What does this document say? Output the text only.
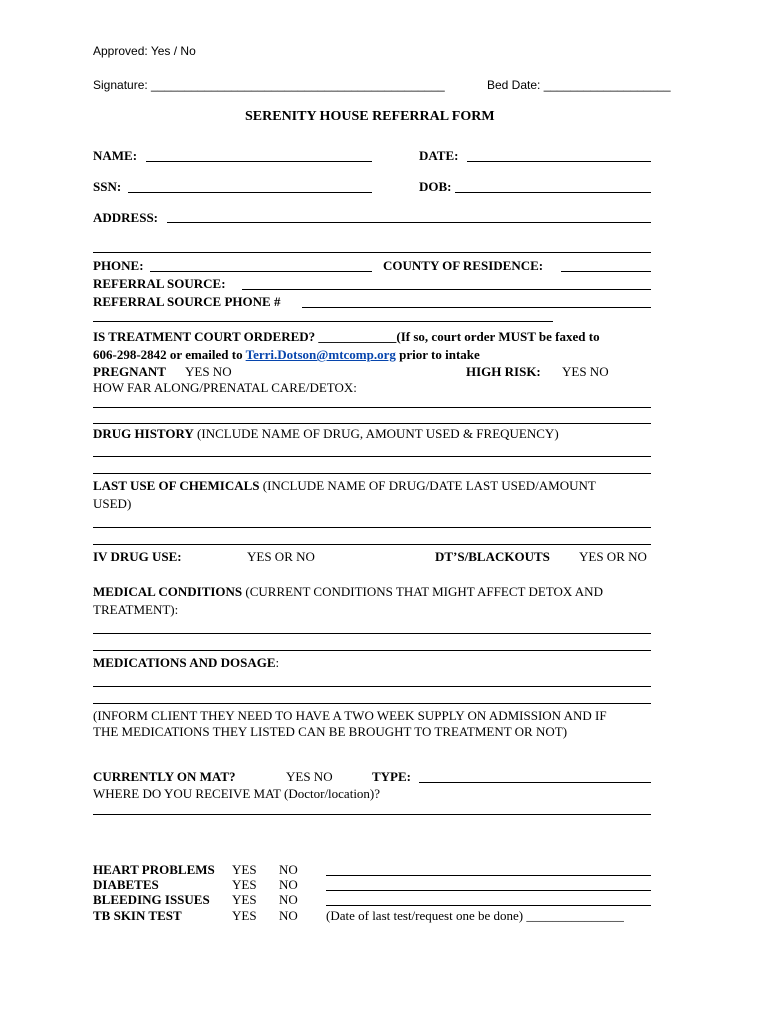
Approved: Yes / No
Signature: ____________________________________________	Bed Date: ___________________
SERENITY HOUSE REFERRAL FORM
NAME:	DATE:
SSN:	DOB:
ADDRESS:
PHONE:	COUNTY OF RESIDENCE:
REFERRAL SOURCE:
REFERRAL SOURCE PHONE #
IS TREATMENT COURT ORDERED? ____________(If so, court order MUST be faxed to
606-298-2842 or emailed to Terri.Dotson@mtcomp.org prior to intake
PREGNANT YES NO	HIGH RISK: YES NO
HOW FAR ALONG/PRENATAL CARE/DETOX:
DRUG HISTORY (INCLUDE NAME OF DRUG, AMOUNT USED & FREQUENCY)
LAST USE OF CHEMICALS (INCLUDE NAME OF DRUG/DATE LAST USED/AMOUNT
USED)
IV DRUG USE:	YES OR NO	DT’S/BLACKOUTS YES OR NO
MEDICAL CONDITIONS (CURRENT CONDITIONS THAT MIGHT AFFECT DETOX AND
TREATMENT):
MEDICATIONS AND DOSAGE:
(INFORM CLIENT THEY NEED TO HAVE A TWO WEEK SUPPLY ON ADMISSION AND IF
THE MEDICATIONS THEY LISTED CAN BE BROUGHT TO TREATMENT OR NOT)
CURRENTLY ON MAT?	YES NO	TYPE:
WHERE DO YOU RECEIVE MAT (Doctor/location)?
HEART PROBLEMS YES NO
DIABETES	YES NO
BLEEDING ISSUES YES NO
TB SKIN TEST	YES NO (Date of last test/request one be done) _______________
